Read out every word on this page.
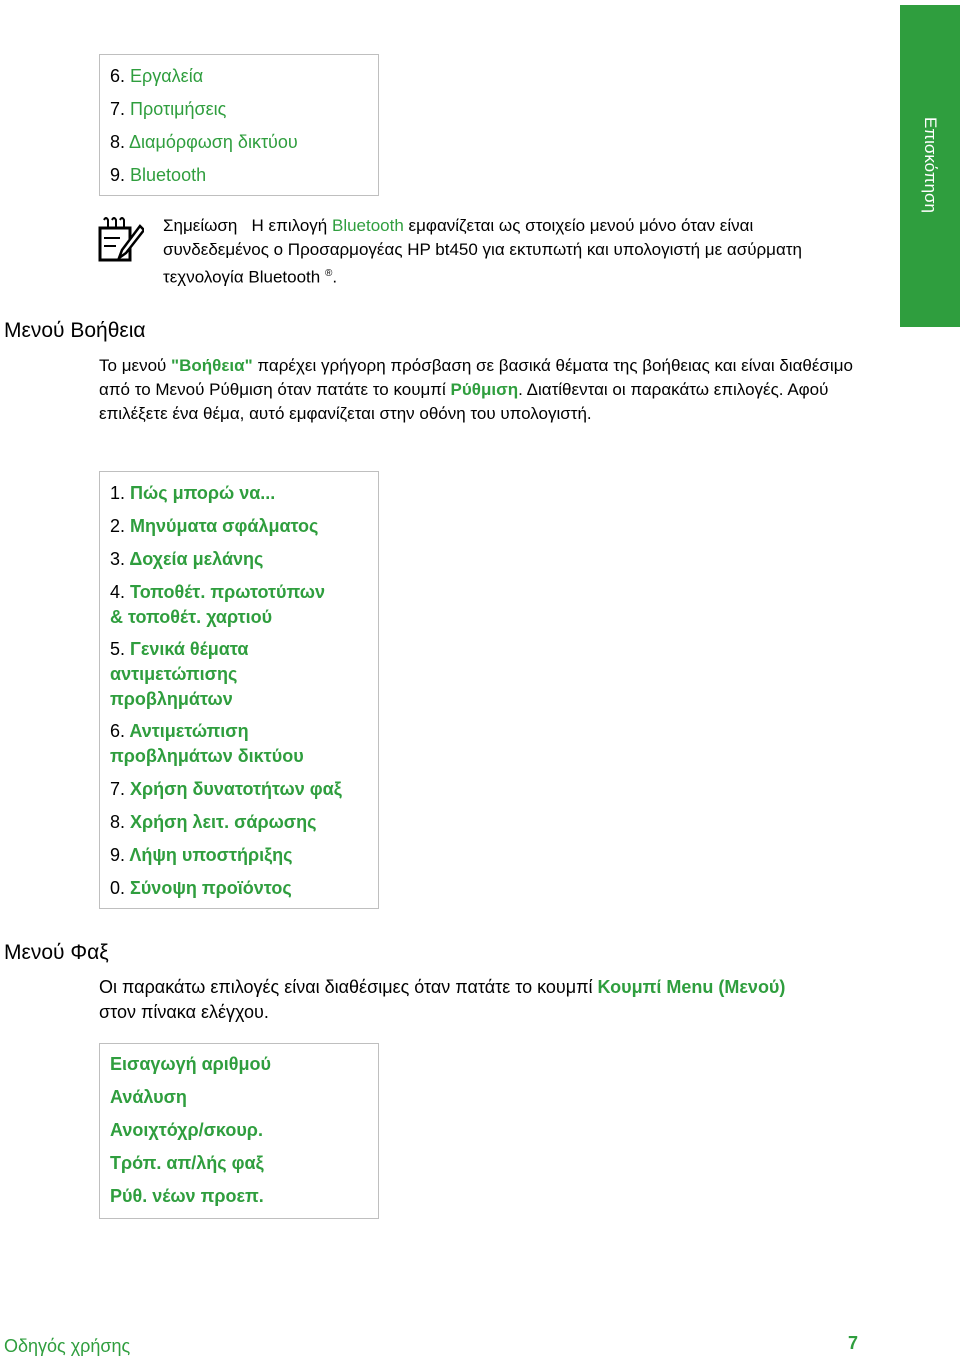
Επισκόπηση
6. Εργαλεία
7. Προτιμήσεις
8. Διαμόρφωση δικτύου
9. Bluetooth
Σημείωση Η επιλογή Bluetooth εμφανίζεται ως στοιχείο μενού μόνο όταν είναι συνδεδεμένος ο Προσαρμογέας HP bt450 για εκτυπωτή και υπολογιστή με ασύρματη τεχνολογία Bluetooth ®.
Μενού Βοήθεια
Το μενού "Βοήθεια" παρέχει γρήγορη πρόσβαση σε βασικά θέματα της βοήθειας και είναι διαθέσιμο από το Μενού Ρύθμιση όταν πατάτε το κουμπί Ρύθμιση. Διατίθενται οι παρακάτω επιλογές. Αφού επιλέξετε ένα θέμα, αυτό εμφανίζεται στην οθόνη του υπολογιστή.
1. Πώς μπορώ να...
2. Μηνύματα σφάλματος
3. Δοχεία μελάνης
4. Τοποθέτ. πρωτοτύπων
& τοποθέτ. χαρτιού
5. Γενικά θέματα
αντιμετώπισης
προβλημάτων
6. Αντιμετώπιση
προβλημάτων δικτύου
7. Χρήση δυνατοτήτων φαξ
8. Χρήση λειτ. σάρωσης
9. Λήψη υποστήριξης
0. Σύνοψη προϊόντος
Μενού Φαξ
Οι παρακάτω επιλογές είναι διαθέσιμες όταν πατάτε το κουμπί Κουμπί Menu (Μενού) στον πίνακα ελέγχου.
Εισαγωγή αριθμού
Ανάλυση
Ανοιχτόχρ/σκουρ.
Τρόπ. απ/λής φαξ
Ρύθ. νέων προεπ.
Οδηγός χρήσης	7
